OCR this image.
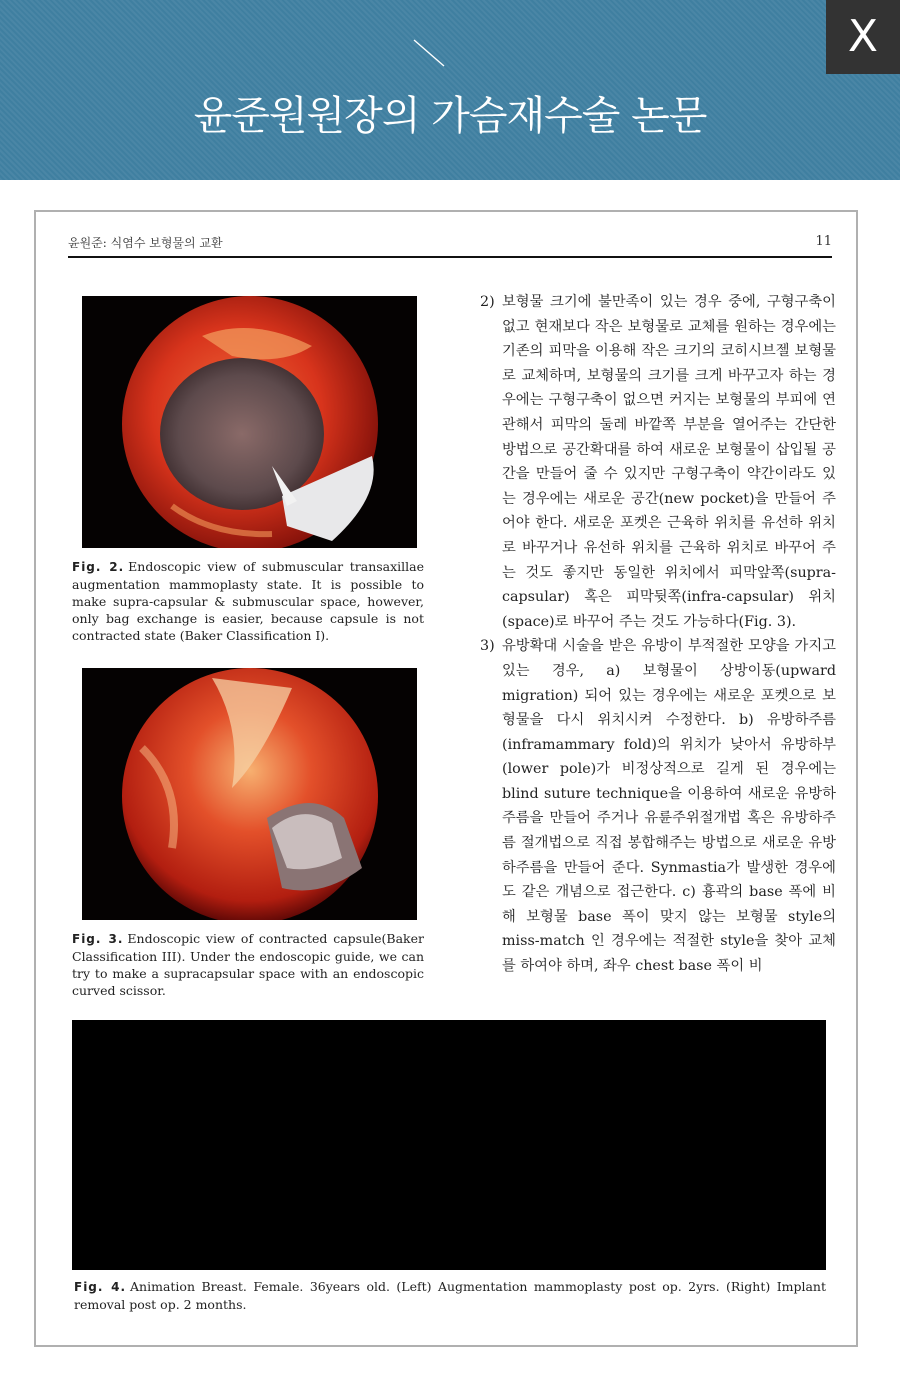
윤준원원장의 가슴재수술 논문
X
윤원준: 식염수 보형물의 교환	11
Fig. 2. Endoscopic view of submuscular transaxillae augmentation mammoplasty state. It is possible to make supra-capsular & submuscular space, however, only bag exchange is easier, because capsule is not contracted state (Baker Classification I).
Fig. 3. Endoscopic view of contracted capsule(Baker Classification III). Under the endoscopic guide, we can try to make a supracapsular space with an endoscopic curved scissor.
2) 보형물 크기에 불만족이 있는 경우 중에, 구형구축이 없고 현재보다 작은 보형물로 교체를 원하는 경우에는 기존의 피막을 이용해 작은 크기의 코히시브젤 보형물로 교체하며, 보형물의 크기를 크게 바꾸고자 하는 경우에는 구형구축이 없으면 커지는 보형물의 부피에 연관해서 피막의 둘레 바깥쪽 부분을 열어주는 간단한 방법으로 공간확대를 하여 새로운 보형물이 삽입될 공간을 만들어 줄 수 있지만 구형구축이 약간이라도 있는 경우에는 새로운 공간(new pocket)을 만들어 주어야 한다. 새로운 포켓은 근육하 위치를 유선하 위치로 바꾸거나 유선하 위치를 근육하 위치로 바꾸어 주는 것도 좋지만 동일한 위치에서 피막앞쪽(supra-capsular) 혹은 피막뒷쪽(infra-capsular) 위치(space)로 바꾸어 주는 것도 가능하다(Fig. 3).
3) 유방확대 시술을 받은 유방이 부적절한 모양을 가지고 있는 경우, a) 보형물이 상방이동(upward migration) 되어 있는 경우에는 새로운 포켓으로 보형물을 다시 위치시켜 수정한다. b) 유방하주름(inframammary fold)의 위치가 낮아서 유방하부(lower pole)가 비정상적으로 길게 된 경우에는 blind suture technique을 이용하여 새로운 유방하주름을 만들어 주거나 유륜주위절개법 혹은 유방하주름 절개법으로 직접 봉합해주는 방법으로 새로운 유방하주름을 만들어 준다. Synmastia가 발생한 경우에도 같은 개념으로 접근한다. c) 흉곽의 base 폭에 비해 보형물 base 폭이 맞지 않는 보형물 style의 miss-match 인 경우에는 적절한 style을 찾아 교체를 하여야 하며, 좌우 chest base 폭이 비
Fig. 4. Animation Breast. Female. 36years old. (Left) Augmentation mammoplasty post op. 2yrs. (Right) Implant removal post op. 2 months.
